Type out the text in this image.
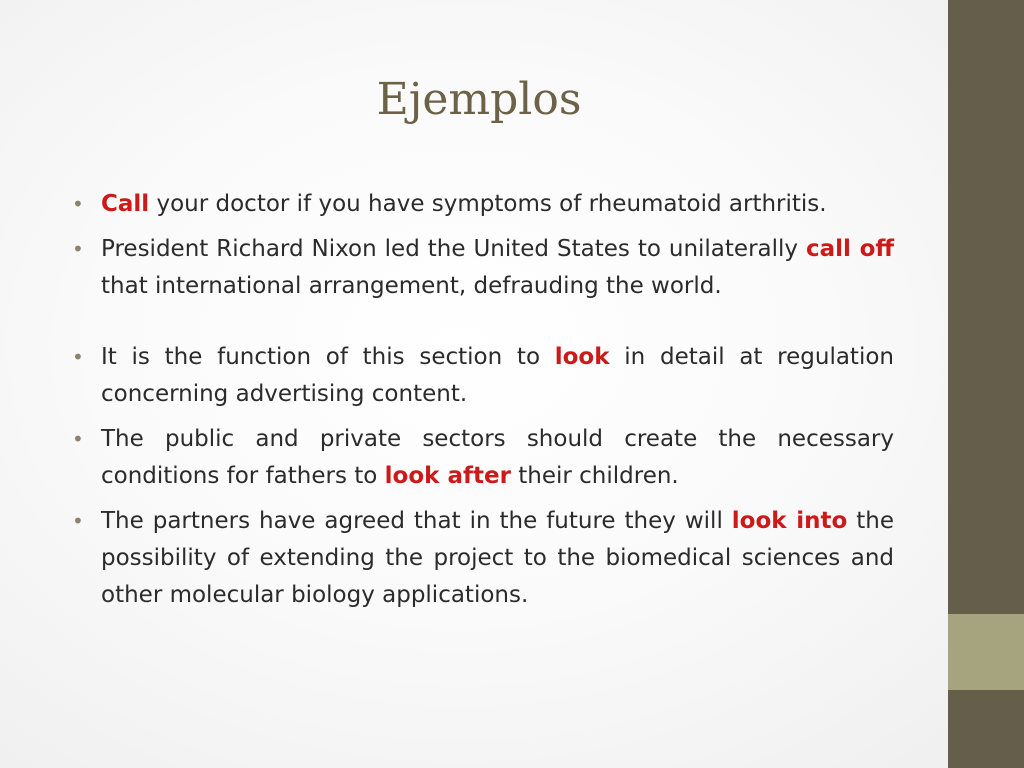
Ejemplos
• Call your doctor if you have symptoms of rheumatoid arthritis.
• President Richard Nixon led the United States to unilaterally call off that international arrangement, defrauding the world.
• It is the function of this section to look in detail at regulation concerning advertising content.
• The public and private sectors should create the necessary conditions for fathers to look after their children.
• The partners have agreed that in the future they will look into the possibility of extending the project to the biomedical sciences and other molecular biology applications.
